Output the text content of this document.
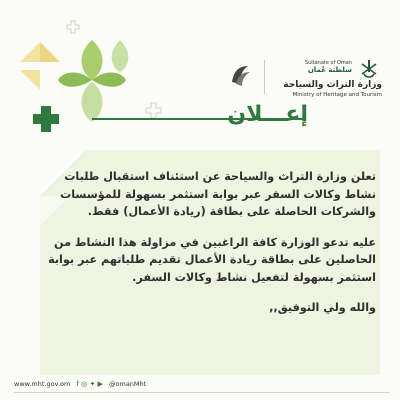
Sultanate of Oman
سلطنة عُمان
وزارة التراث والسياحة
Ministry of Heritage and Tourism
إعـــلان

تعلن وزارة التراث والسياحة عن استئناف استقبال طلبات نشاط وكالات السفر عبر بوابة استثمر بسهولة للمؤسسات والشركات الحاصلة على بطاقة (ريادة الأعمال) فقط.

عليه تدعو الوزارة كافة الراغبين في مزاولة هذا النشاط من الحاصلين على بطاقة ريادة الأعمال تقديم طلباتهم عبر بوابة استثمر بسهولة لتفعيل نشاط وكالات السفر.

والله ولي التوفيق,,

www.mht.gov.om f ◎ ✦ ▶ @omanMht
